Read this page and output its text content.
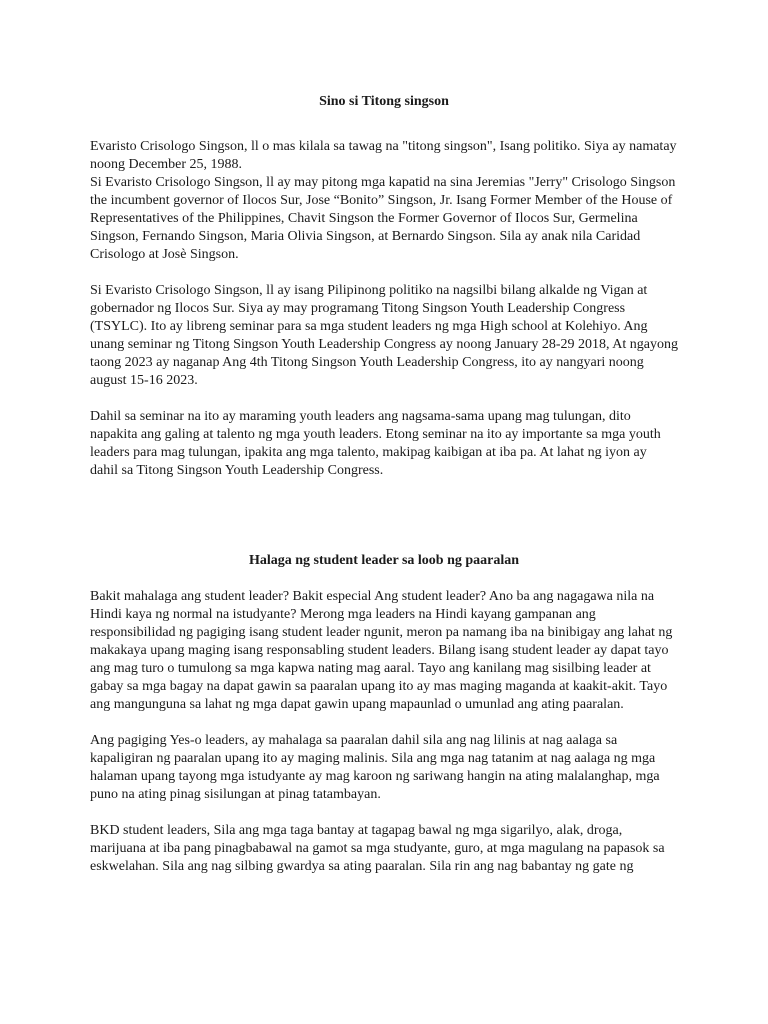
Sino si Titong singson

Evaristo Crisologo Singson, ll o mas kilala sa tawag na "titong singson", Isang politiko. Siya ay namatay noong December 25, 1988.

Si Evaristo Crisologo Singson, ll ay may pitong mga kapatid na sina Jeremias "Jerry" Crisologo Singson the incumbent governor of Ilocos Sur, Jose “Bonito” Singson, Jr. Isang Former Member of the House of Representatives of the Philippines, Chavit Singson the Former Governor of Ilocos Sur, Germelina Singson, Fernando Singson, Maria Olivia Singson, at Bernardo Singson. Sila ay anak nila Caridad Crisologo at Josè Singson.

Si Evaristo Crisologo Singson, ll ay isang Pilipinong politiko na nagsilbi bilang alkalde ng Vigan at gobernador ng Ilocos Sur. Siya ay may programang Titong Singson Youth Leadership Congress (TSYLC). Ito ay libreng seminar para sa mga student leaders ng mga High school at Kolehiyo. Ang unang seminar ng Titong Singson Youth Leadership Congress ay noong January 28-29 2018, At ngayong taong 2023 ay naganap Ang 4th Titong Singson Youth Leadership Congress, ito ay nangyari noong august 15-16 2023.

Dahil sa seminar na ito ay maraming youth leaders ang nagsama-sama upang mag tulungan, dito napakita ang galing at talento ng mga youth leaders. Etong seminar na ito ay importante sa mga youth leaders para mag tulungan, ipakita ang mga talento, makipag kaibigan at iba pa. At lahat ng iyon ay dahil sa Titong Singson Youth Leadership Congress.

Halaga ng student leader sa loob ng paaralan

Bakit mahalaga ang student leader? Bakit especial Ang student leader? Ano ba ang nagagawa nila na Hindi kaya ng normal na istudyante? Merong mga leaders na Hindi kayang gampanan ang responsibilidad ng pagiging isang student leader ngunit, meron pa namang iba na binibigay ang lahat ng makakaya upang maging isang responsabling student leaders. Bilang isang student leader ay dapat tayo ang mag turo o tumulong sa mga kapwa nating mag aaral. Tayo ang kanilang mag sisilbing leader at gabay sa mga bagay na dapat gawin sa paaralan upang ito ay mas maging maganda at kaakit-akit. Tayo ang mangunguna sa lahat ng mga dapat gawin upang mapaunlad o umunlad ang ating paaralan.

Ang pagiging Yes-o leaders, ay mahalaga sa paaralan dahil sila ang nag lilinis at nag aalaga sa kapaligiran ng paaralan upang ito ay maging malinis. Sila ang mga nag tatanim at nag aalaga ng mga halaman upang tayong mga istudyante ay mag karoon ng sariwang hangin na ating malalanghap, mga puno na ating pinag sisilungan at pinag tatambayan.

BKD student leaders, Sila ang mga taga bantay at tagapag bawal ng mga sigarilyo, alak, droga, marijuana at iba pang pinagbabawal na gamot sa mga studyante, guro, at mga magulang na papasok sa eskwelahan. Sila ang nag silbing gwardya sa ating paaralan. Sila rin ang nag babantay ng gate ng
